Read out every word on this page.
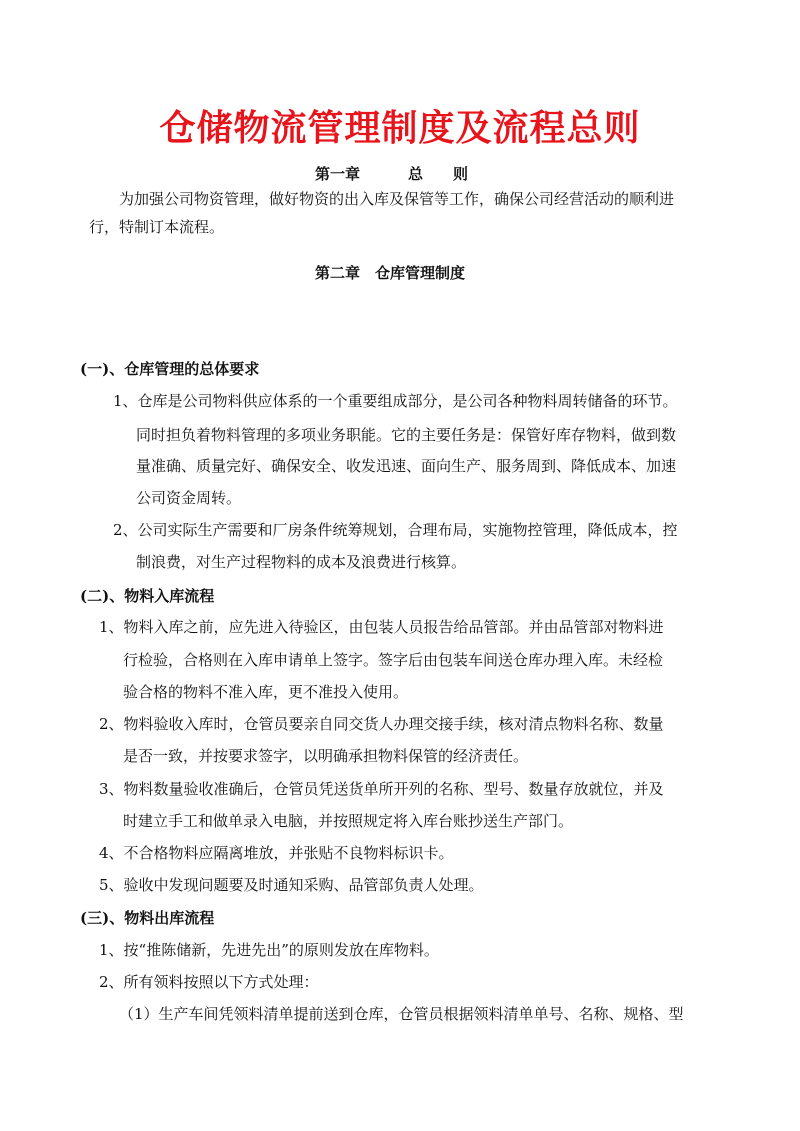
仓储物流管理制度及流程总则
第一章	总　　则
为加强公司物资管理，做好物资的出入库及保管等工作，确保公司经营活动的顺利进
行，特制订本流程。
第二章　仓库管理制度
(一)、仓库管理的总体要求
1、仓库是公司物料供应体系的一个重要组成部分，是公司各种物料周转储备的环节。
同时担负着物料管理的多项业务职能。它的主要任务是：保管好库存物料，做到数
量准确、质量完好、确保安全、收发迅速、面向生产、服务周到、降低成本、加速
公司资金周转。
2、公司实际生产需要和厂房条件统筹规划，合理布局，实施物控管理，降低成本，控
制浪费，对生产过程物料的成本及浪费进行核算。
(二)、物料入库流程
1、物料入库之前，应先进入待验区，由包装人员报告给品管部。并由品管部对物料进
行检验，合格则在入库申请单上签字。签字后由包装车间送仓库办理入库。未经检
验合格的物料不准入库，更不准投入使用。
2、物料验收入库时，仓管员要亲自同交货人办理交接手续，核对清点物料名称、数量
是否一致，并按要求签字，以明确承担物料保管的经济责任。
3、物料数量验收准确后，仓管员凭送货单所开列的名称、型号、数量存放就位，并及
时建立手工和做单录入电脑，并按照规定将入库台账抄送生产部门。
4、不合格物料应隔离堆放，并张贴不良物料标识卡。
5、验收中发现问题要及时通知采购、品管部负责人处理。
(三)、物料出库流程
1、按“推陈储新，先进先出”的原则发放在库物料。
2、所有领料按照以下方式处理：
（1）生产车间凭领料清单提前送到仓库，仓管员根据领料清单单号、名称、规格、型
